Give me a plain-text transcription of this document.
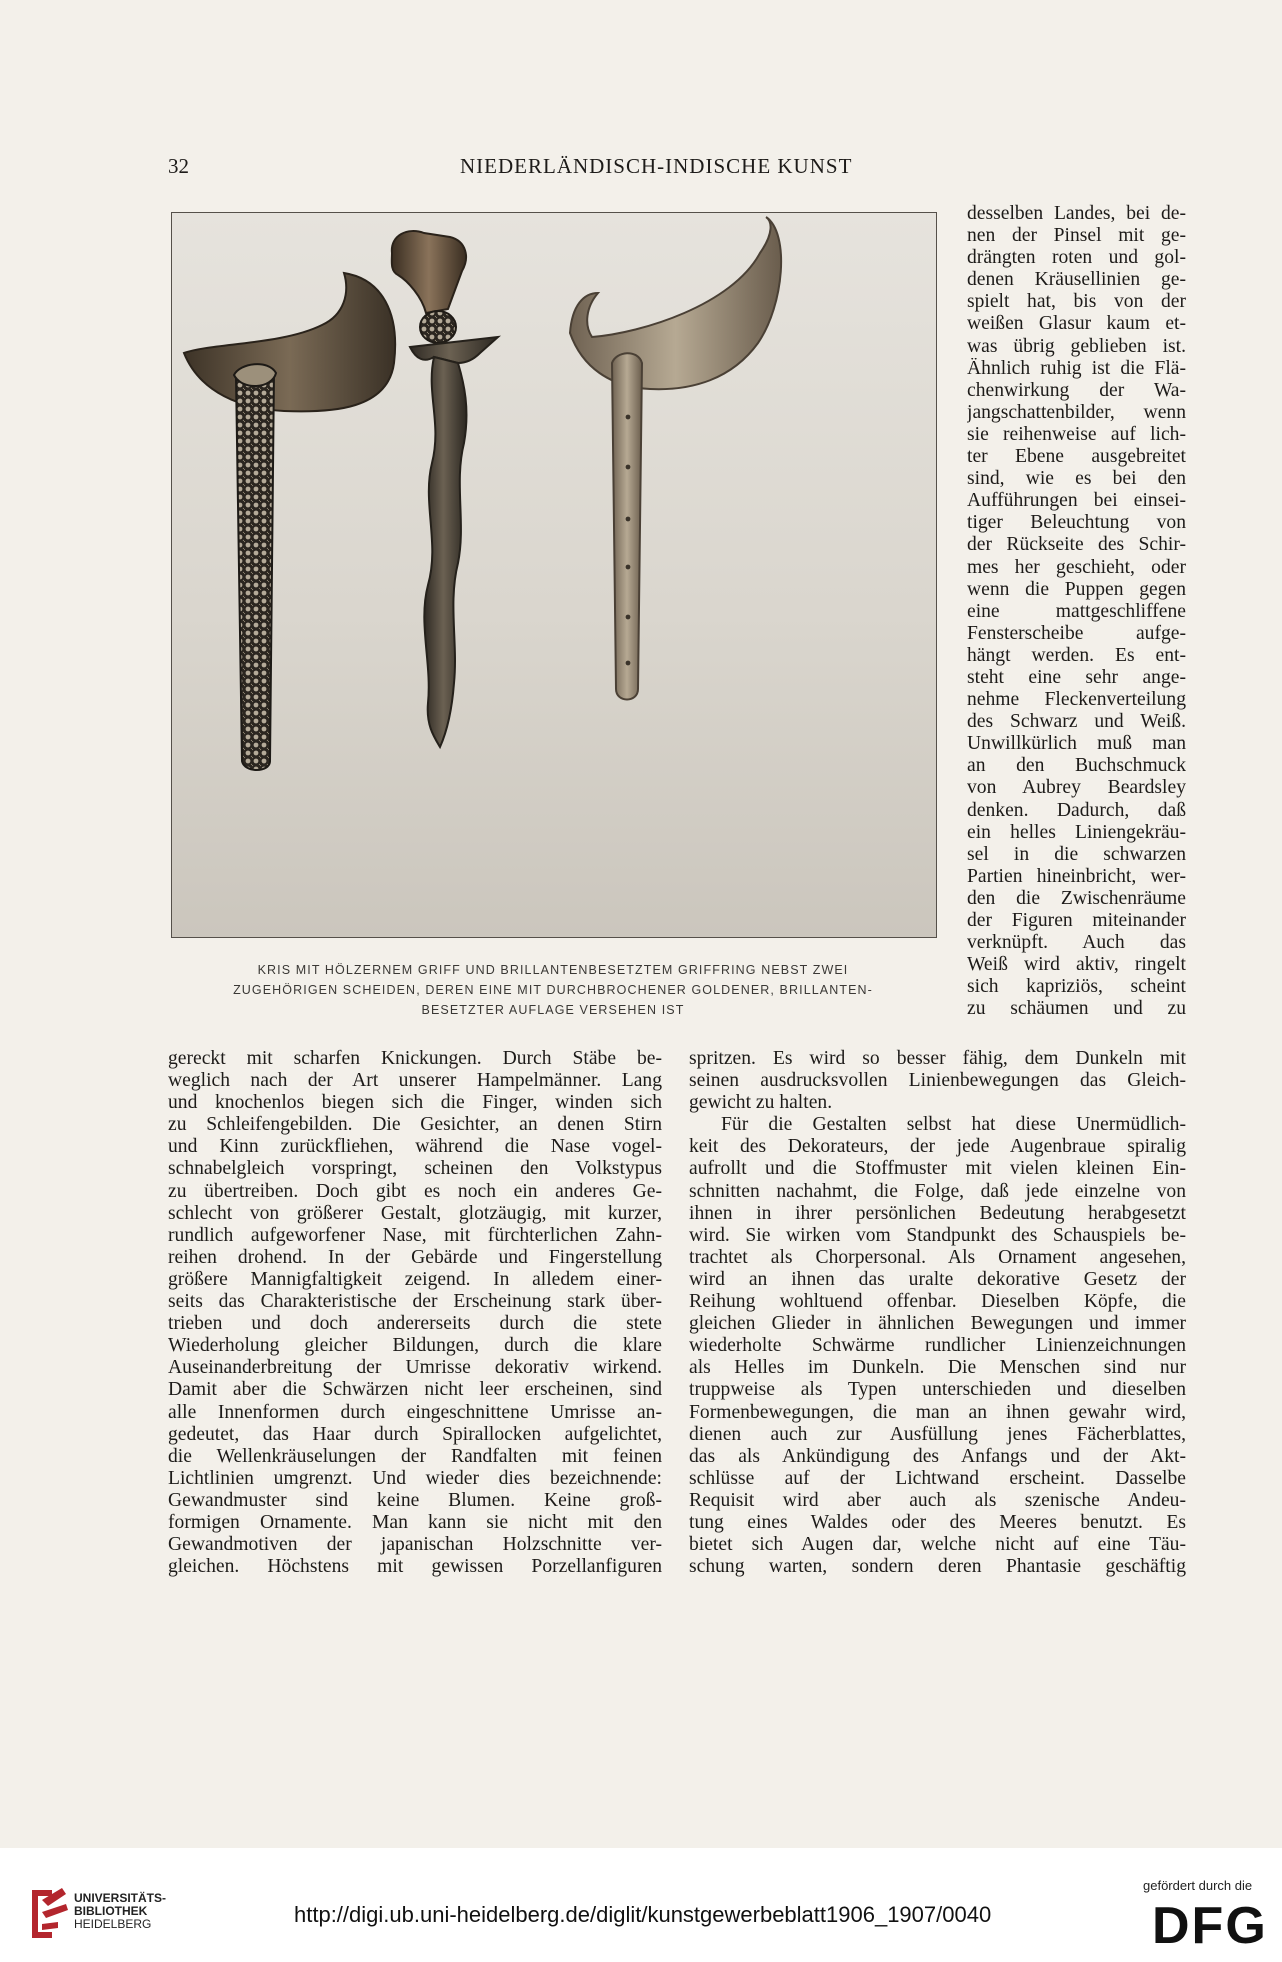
32	NIEDERLÄNDISCH-INDISCHE KUNST
KRIS MIT HÖLZERNEM GRIFF UND BRILLANTENBESETZTEM GRIFFRING NEBST ZWEI
ZUGEHÖRIGEN SCHEIDEN, DEREN EINE MIT DURCHBROCHENER GOLDENER, BRILLANTEN-
BESETZTER AUFLAGE VERSEHEN IST
desselben Landes, bei de-
nen der Pinsel mit ge-
drängten roten und gol-
denen Kräusellinien ge-
spielt hat, bis von der
weißen Glasur kaum et-
was übrig geblieben ist.
Ähnlich ruhig ist die Flä-
chenwirkung der Wa-
jangschattenbilder, wenn
sie reihenweise auf lich-
ter Ebene ausgebreitet
sind, wie es bei den
Aufführungen bei einsei-
tiger Beleuchtung von
der Rückseite des Schir-
mes her geschieht, oder
wenn die Puppen gegen
eine mattgeschliffene
Fensterscheibe aufge-
hängt werden. Es ent-
steht eine sehr ange-
nehme Fleckenverteilung
des Schwarz und Weiß.
Unwillkürlich muß man
an den Buchschmuck
von Aubrey Beardsley
denken. Dadurch, daß
ein helles Liniengekräu-
sel in die schwarzen
Partien hineinbricht, wer-
den die Zwischenräume
der Figuren miteinander
verknüpft. Auch das
Weiß wird aktiv, ringelt
sich kapriziös, scheint
zu schäumen und zu
gereckt mit scharfen Knickungen. Durch Stäbe be-
weglich nach der Art unserer Hampelmänner. Lang
und knochenlos biegen sich die Finger, winden sich
zu Schleifengebilden. Die Gesichter, an denen Stirn
und Kinn zurückfliehen, während die Nase vogel-
schnabelgleich vorspringt, scheinen den Volkstypus
zu übertreiben. Doch gibt es noch ein anderes Ge-
schlecht von größerer Gestalt, glotzäugig, mit kurzer,
rundlich aufgeworfener Nase, mit fürchterlichen Zahn-
reihen drohend. In der Gebärde und Fingerstellung
größere Mannigfaltigkeit zeigend. In alledem einer-
seits das Charakteristische der Erscheinung stark über-
trieben und doch andererseits durch die stete
Wiederholung gleicher Bildungen, durch die klare
Auseinanderbreitung der Umrisse dekorativ wirkend.
Damit aber die Schwärzen nicht leer erscheinen, sind
alle Innenformen durch eingeschnittene Umrisse an-
gedeutet, das Haar durch Spirallocken aufgelichtet,
die Wellenkräuselungen der Randfalten mit feinen
Lichtlinien umgrenzt. Und wieder dies bezeichnende:
Gewandmuster sind keine Blumen. Keine groß-
formigen Ornamente. Man kann sie nicht mit den
Gewandmotiven der japanischan Holzschnitte ver-
gleichen. Höchstens mit gewissen Porzellanfiguren
spritzen. Es wird so besser fähig, dem Dunkeln mit
seinen ausdrucksvollen Linienbewegungen das Gleich-
gewicht zu halten.
Für die Gestalten selbst hat diese Unermüdlich-
keit des Dekorateurs, der jede Augenbraue spiralig
aufrollt und die Stoffmuster mit vielen kleinen Ein-
schnitten nachahmt, die Folge, daß jede einzelne von
ihnen in ihrer persönlichen Bedeutung herabgesetzt
wird. Sie wirken vom Standpunkt des Schauspiels be-
trachtet als Chorpersonal. Als Ornament angesehen,
wird an ihnen das uralte dekorative Gesetz der
Reihung wohltuend offenbar. Dieselben Köpfe, die
gleichen Glieder in ähnlichen Bewegungen und immer
wiederholte Schwärme rundlicher Linienzeichnungen
als Helles im Dunkeln. Die Menschen sind nur
truppweise als Typen unterschieden und dieselben
Formenbewegungen, die man an ihnen gewahr wird,
dienen auch zur Ausfüllung jenes Fächerblattes,
das als Ankündigung des Anfangs und der Akt-
schlüsse auf der Lichtwand erscheint. Dasselbe
Requisit wird aber auch als szenische Andeu-
tung eines Waldes oder des Meeres benutzt. Es
bietet sich Augen dar, welche nicht auf eine Täu-
schung warten, sondern deren Phantasie geschäftig
UNIVERSITÄTS-
BIBLIOTHEK
HEIDELBERG	http://digi.ub.uni-heidelberg.de/diglit/kunstgewerbeblatt1906_1907/0040
gefördert durch die
DFG
